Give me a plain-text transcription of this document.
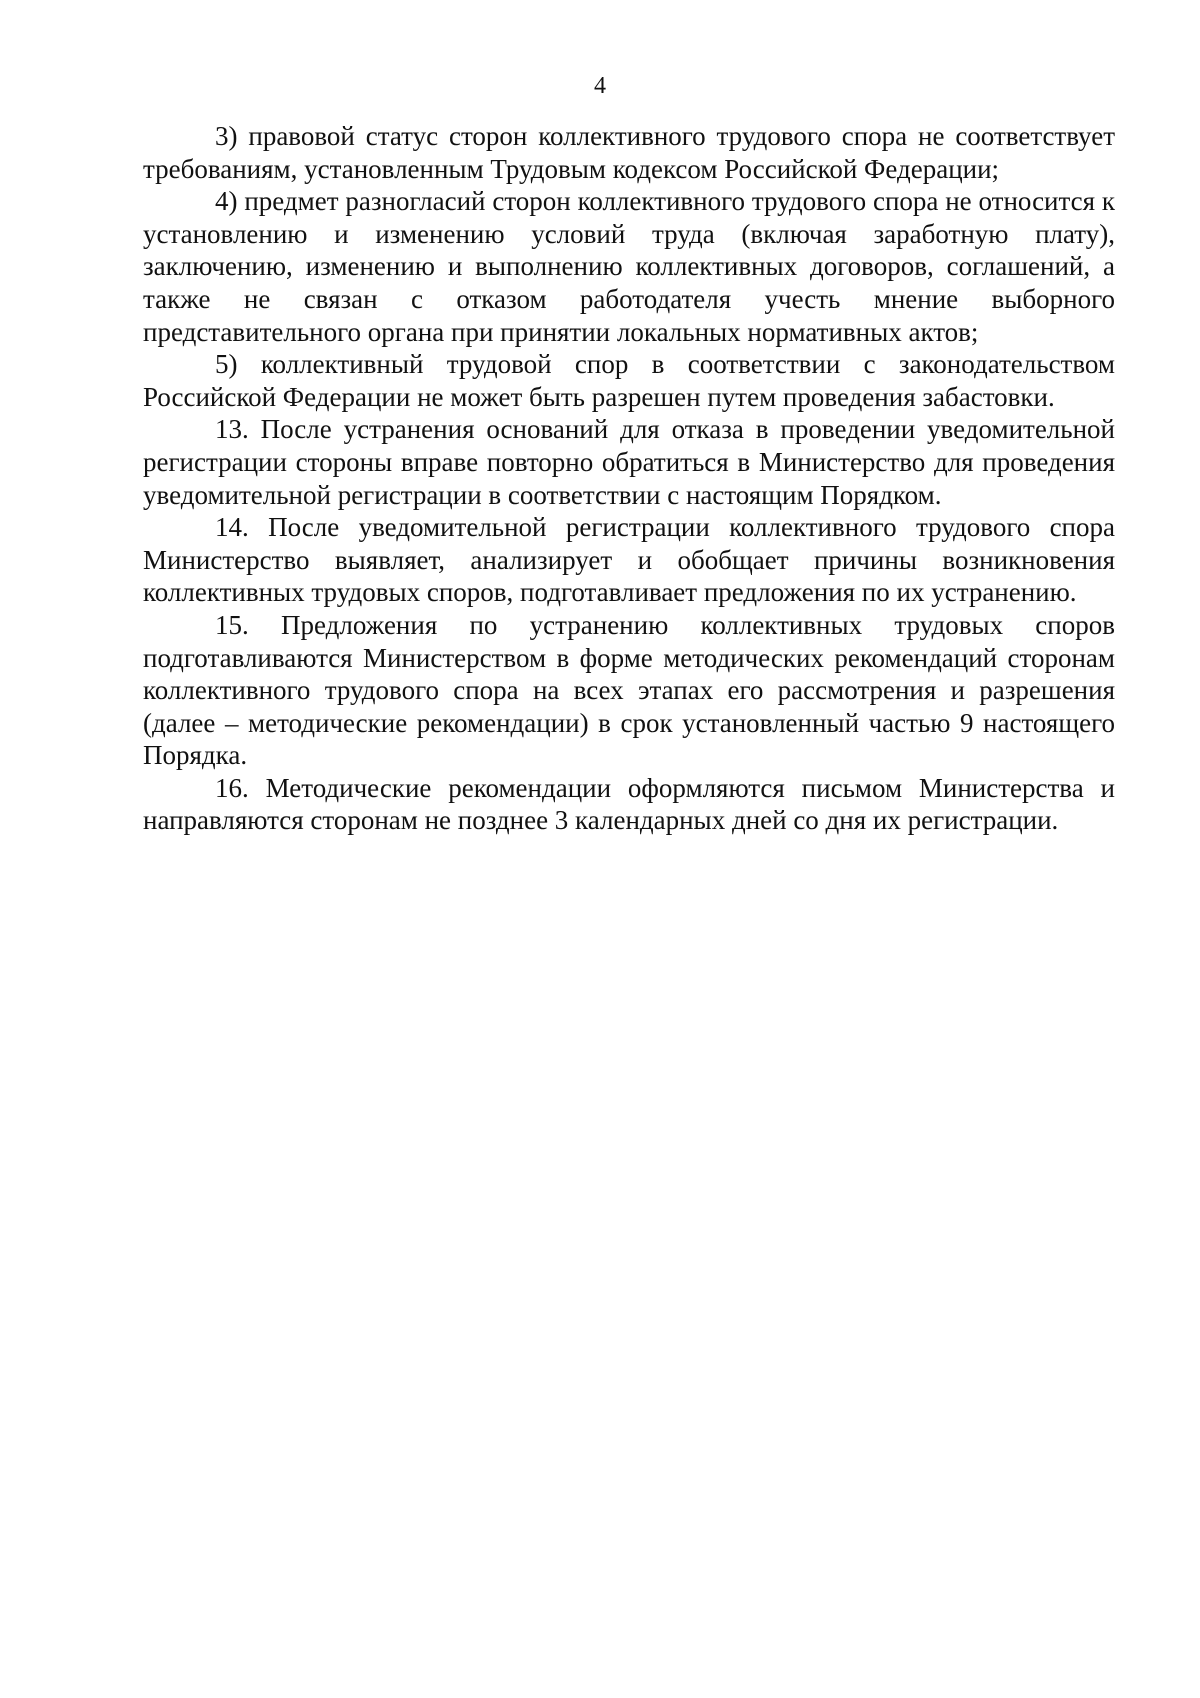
4

3) правовой статус сторон коллективного трудового спора не соответствует требованиям, установленным Трудовым кодексом Российской Федерации;

4) предмет разногласий сторон коллективного трудового спора не относится к установлению и изменению условий труда (включая заработную плату), заключению, изменению и выполнению коллективных договоров, соглашений, а также не связан с отказом работодателя учесть мнение выборного представительного органа при принятии локальных нормативных актов;

5) коллективный трудовой спор в соответствии с законодательством Российской Федерации не может быть разрешен путем проведения забастовки.

13. После устранения оснований для отказа в проведении уведомительной регистрации стороны вправе повторно обратиться в Министерство для проведения уведомительной регистрации в соответствии с настоящим Порядком.

14. После уведомительной регистрации коллективного трудового спора Министерство выявляет, анализирует и обобщает причины возникновения коллективных трудовых споров, подготавливает предложения по их устранению.

15. Предложения по устранению коллективных трудовых споров подготавливаются Министерством в форме методических рекомендаций сторонам коллективного трудового спора на всех этапах его рассмотрения и разрешения (далее – методические рекомендации) в срок установленный частью 9 настоящего Порядка.

16. Методические рекомендации оформляются письмом Министерства и направляются сторонам не позднее 3 календарных дней со дня их регистрации.
